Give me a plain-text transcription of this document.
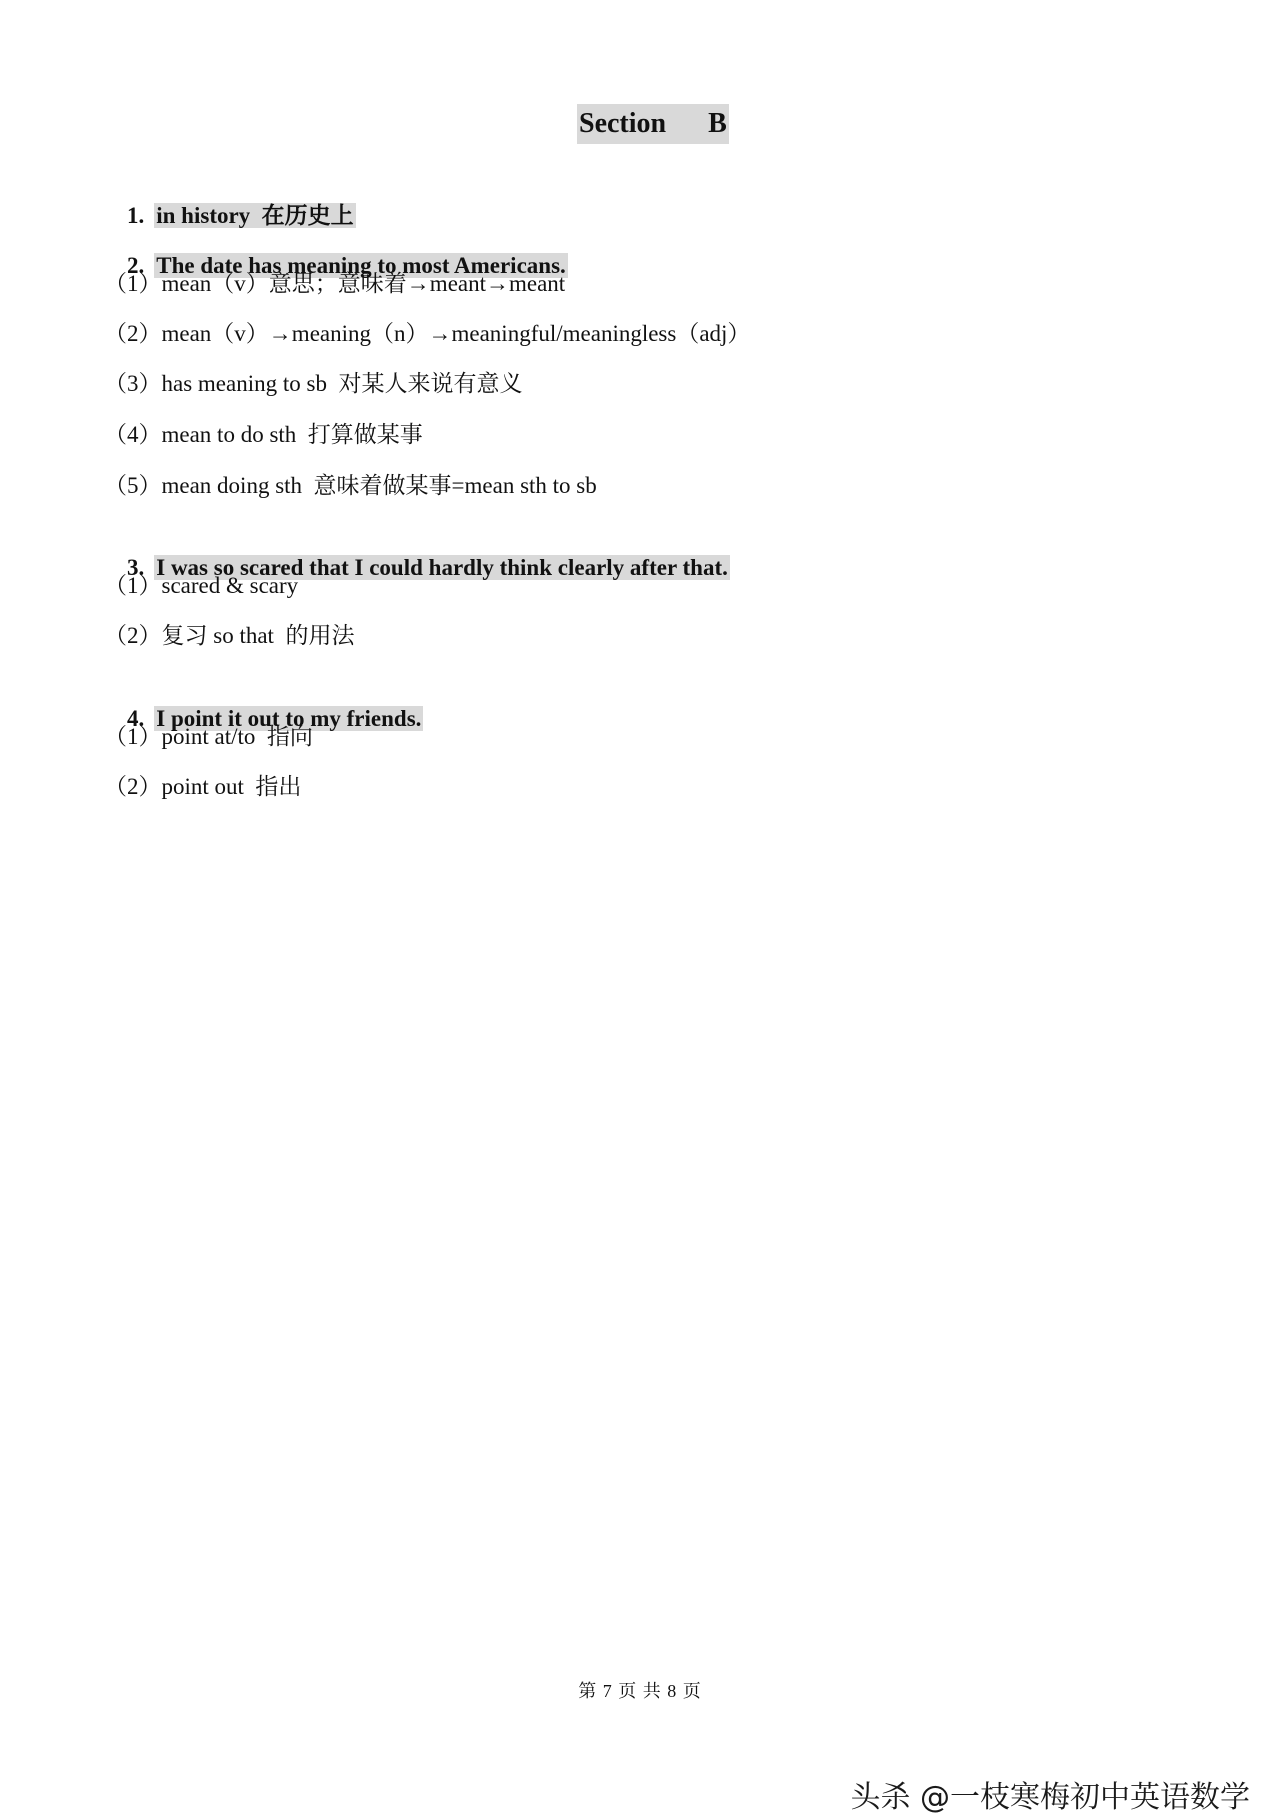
Section      B

1. in history  在历史上

2. The date has meaning to most Americans.

（1）mean（v）意思；意味着→meant→meant
（2）mean（v）→meaning（n）→meaningful/meaningless（adj）
（3）has meaning to sb  对某人来说有意义
（4）mean to do sth  打算做某事
（5）mean doing sth  意味着做某事=mean sth to sb

3. I was so scared that I could hardly think clearly after that.

（1）scared & scary
（2）复习 so that  的用法

4. I point it out to my friends.

（1）point at/to  指向
（2）point out  指出
第 7 页 共 8 页
头杀 @一枝寒梅初中英语数学
